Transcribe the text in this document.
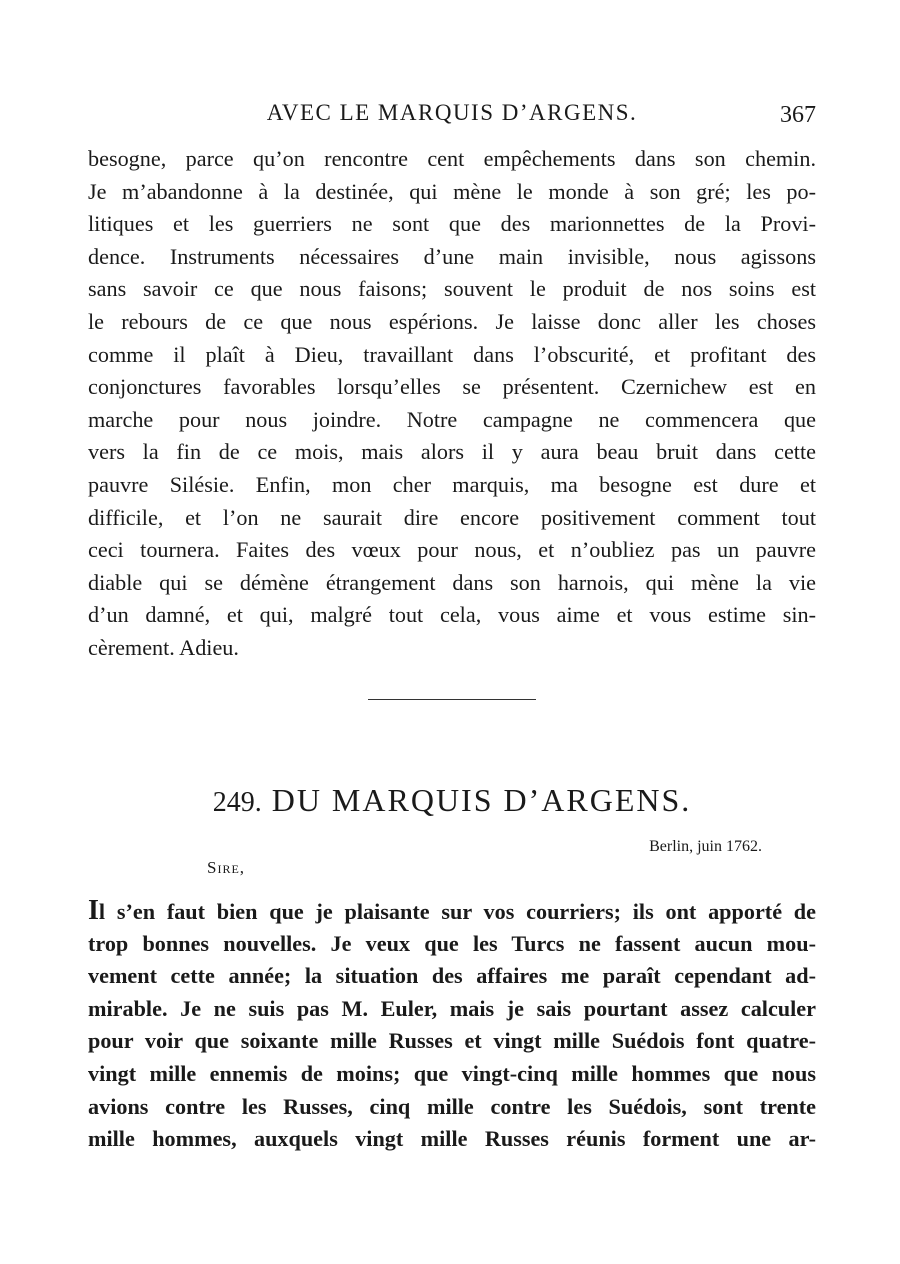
AVEC LE MARQUIS D’ARGENS.	367
besogne, parce qu’on rencontre cent empêchements dans son chemin.
Je m’abandonne à la destinée, qui mène le monde à son gré; les po-
litiques et les guerriers ne sont que des marionnettes de la Provi-
dence. Instruments nécessaires d’une main invisible, nous agissons
sans savoir ce que nous faisons; souvent le produit de nos soins est
le rebours de ce que nous espérions. Je laisse donc aller les choses
comme il plaît à Dieu, travaillant dans l’obscurité, et profitant des
conjonctures favorables lorsqu’elles se présentent. Czernichew est en
marche pour nous joindre. Notre campagne ne commencera que
vers la fin de ce mois, mais alors il y aura beau bruit dans cette
pauvre Silésie. Enfin, mon cher marquis, ma besogne est dure et
difficile, et l’on ne saurait dire encore positivement comment tout
ceci tournera. Faites des vœux pour nous, et n’oubliez pas un pauvre
diable qui se démène étrangement dans son harnois, qui mène la vie
d’un damné, et qui, malgré tout cela, vous aime et vous estime sin-
cèrement. Adieu.
249. DU MARQUIS D’ARGENS.
Berlin, juin 1762.
Sire,
Il s’en faut bien que je plaisante sur vos courriers; ils ont apporté de
trop bonnes nouvelles. Je veux que les Turcs ne fassent aucun mou-
vement cette année; la situation des affaires me paraît cependant ad-
mirable. Je ne suis pas M. Euler, mais je sais pourtant assez calculer
pour voir que soixante mille Russes et vingt mille Suédois font quatre-
vingt mille ennemis de moins; que vingt-cinq mille hommes que nous
avions contre les Russes, cinq mille contre les Suédois, sont trente
mille hommes, auxquels vingt mille Russes réunis forment une ar-
